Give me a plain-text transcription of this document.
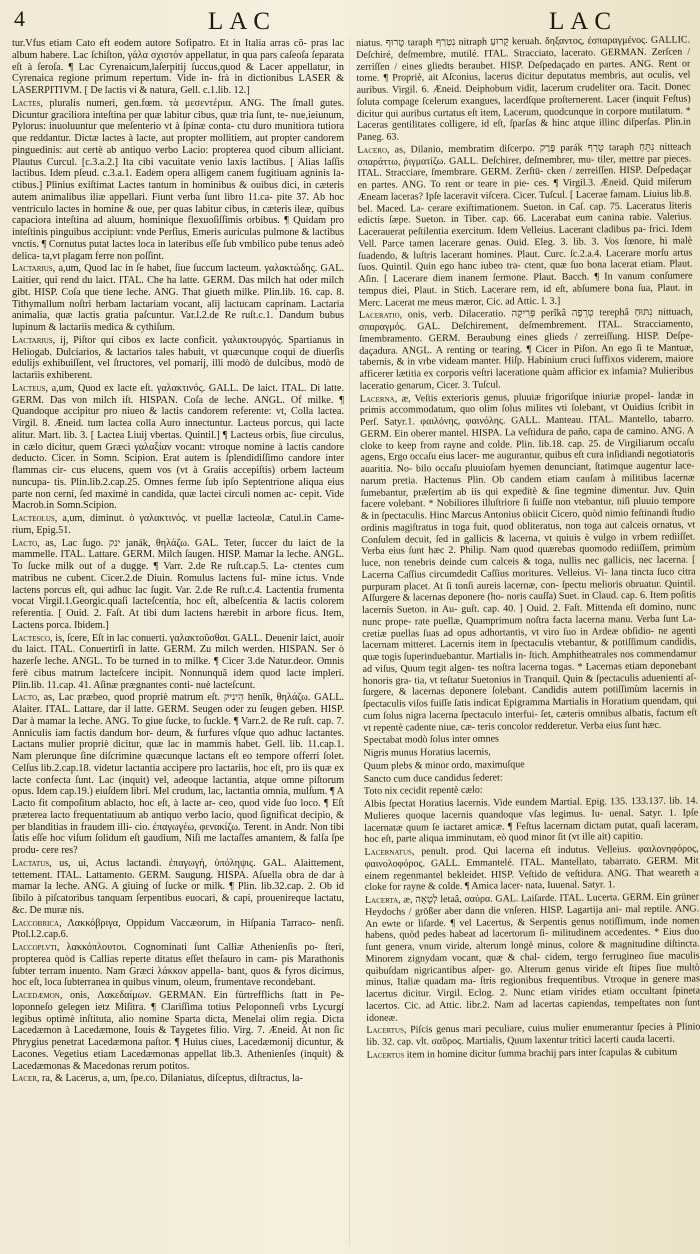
4	LAC	LAC

tur.Vfus etiam Cato eft eodem autore Sofipatro. Et in Italia arras cõ- pras lac album habere. Lac ſchiſton, γάλα σχιστόν appellatur, in qua pars caſeoſa ſeparata eſt à ſeroſa. ¶ Lac Cyrenaicum,laſerpitij ſuccus,quod & Lacer appellatur, in Cyrenaica regione primum repertum. Vide in- frà in dictionibus LASER & LASERPITIVM. [ De lactis vi & natura, Gell. c.1.lib. 12.]

Lactes, pluralis numeri, gen.fœm. τὰ μεσεντέρια. ANG. The ſmall gutes. Dicuntur graciliora inteſtina per quæ labitur cibus, quæ tria ſunt, te- nue,ieiunum, Pylorus: inuoluuntur que meſenterio vt à ſpinæ conta- ctu duro munitiora tutiora que reddantur. Dictæ lactes à lacte, aut propter mollitiem, aut propter candorem pinguedinis: aut certè ab antiquo verbo Lacio: propterea quod cibum alliciant. Plautus Curcul. [c.3.a.2.] Ita cibi vacuitate venio laxis lactibus. [ Alias laſſis lactibus. Idem pſeud. c.3.a.1. Eadem opera alligem canem fugitiuam agninis la- ctibus.] Plinius exiſtimat Lactes tantum in hominibus & ouibus dici, in cæteris autem animalibus iliæ appellari. Fiunt verba ſunt libro 11.ca- pite 37. Ab hoc ventriculo lactes in homine & oue, per quas labitur cibus, in cæteris ileæ, quibus capaciora inteſtina ad aluum, hominique flexuoſiſſimis orbibus. ¶ Quidam pro inteſtinis pinguibus accipiunt: vnde Perſius, Emeris auriculas pulmone & lactibus vnctis. ¶ Cornutus putat lactes loca in lateribus eſſe ſub vmbilico pube tenus adeò delica- ta,vt plagam ferre non poſſint.

Lactarius, a,um, Quod lac in ſe habet, ſiue ſuccum lacteum. γαλακτώδης. GAL. Laitier, qui rend du laict. ITAL. Che ha latte. GERM. Das milch hat oder milch gibt. HISP. Coſa que tiene leche. ANG. That giueth milke. Plin.lib. 16. cap. 8. Tithymallum noſtri herbam lactariam vocant, alij lactucam caprinam. Lactaria animalia, quæ lactis gratia paſcuntur. Var.l.2.de Re ruſt.c.1. Dandum bubus lupinum & lactariis medica & cythiſum.

Lactarius, ij, Piſtor qui cibos ex lacte conficit. γαλακτουργός. Spartianus in Heliogab. Dulciarios, & lactarios tales habuit, vt quæcunque coqui de diuerſis edulijs exhibuiſſent, vel ſtructores, vel pomarij, illi modò de dulcibus, modò de lactariis exhiberent.

Lacteus, a,um, Quod ex lacte eſt. γαλακτινός. GALL. De laict. ITAL. Di latte. GERM. Das von milch iſt. HISPAN. Coſa de leche. ANGL. Of milke. ¶ Quandoque accipitur pro niueo & lactis candorem referente: vt, Colla lactea. Virgil. 8. Æneid. tum lactea colla Auro innectuntur. Lacteus porcus, qui lacte alitur. Mart. lib. 3. [ Lactea Liuij vbertas. Quintil.] ¶ Lacteus orbis, ſiue circulus, in cælo dicitur, quem Græci γαλαξίαν vocant: vtroque nomine à lactis candore deducto. Cicer. in Somn. Scipion. Erat autem is ſplendidiſſimo candore inter flammas cir- cus elucens, quem vos (vt à Graiis accepiſtis) orbem lacteum nuncupa- tis. Plin.lib.2.cap.25. Omnes ferme ſub ipſo Septentrione aliqua eius parte non cerni, ſed maximè in candida, quæ lactei circuli nomen ac- cepit. Vide Macrob.in Somn.Scipion.

Lacteolus, a,um, diminut. ὁ γαλακτινός. vt puellæ lacteolæ, Catul.in Came- rium, Epig.51.

Lacto, as, Lac ſugo. ינק janák, θηλάζω. GAL. Teter, ſuccer du laict de la mammelle. ITAL. Lattare. GERM. Milch ſaugen. HISP. Mamar la leche. ANGL. To ſucke milk out of a dugge. ¶ Varr. 2.de Re ruſt.cap.5. La- ctentes cum matribus ne cubent. Cicer.2.de Diuin. Romulus lactens ful- mine ictus. Vnde lactens porcus eſt, qui adhuc lac ſugit. Var. 2.de Re ruſt.c.4. Lactentia frumenta vocat Virgil.1.Georgic.quaſi lacteſcentia, hoc eſt, albeſcentia & lactis colorem referentia. [ Ouid. 2. Faſt. At tibi dum lactens hærebit in arbore ficus. Item, Lactens porca. Ibidem.]

Lacteſco, is, ſcere, Eſt in lac conuerti. γαλακτοῦσθαι. GALL. Deuenir laict, auoir du laict. ITAL. Conuertirſi in latte. GERM. Zu milch werden. HISPAN. Ser ò hazerſe leche. ANGL. To be turned in to milke. ¶ Cicer 3.de Natur.deor. Omnis ferè cibus matrum lacteſcere incipit. Nonnunquã idem quod lacte impleri. Plin.lib. 11.cap. 41. Aſinæ prægnantes conti- nuè lacteſcunt.

Lacto, as, Lac præbeo, quod propriè matrum eſt. הֵינִיק henîk, θηλάζω. GALL. Alaiter. ITAL. Lattare, dar il latte. GERM. Seugen oder zu ſeugen geben. HISP. Dar à mamar la leche. ANG. To giue ſucke, to ſuckle. ¶ Varr.2. de Re ruſt. cap. 7. Anniculis iam factis dandum hor- deum, & furfures vſque quo adhuc lactantes. Lactans mulier propriè dicitur, quæ lac in mammis habet. Gell. lib. 11.cap.1. Nam plerunque ſine diſcrimine quæcunque lactans eſt eo tempore offerri ſolet. Celſus lib.2.cap.18. videtur lactantia accipere pro lactariis, hoc eſt, pro iis quæ ex lacte confecta ſunt. Lac (inquit) vel, adeoque lactantia, atque omne piſtorum opus. Idem cap.19.) eiuſdem libri. Mel crudum, lac, lactantia omnia, mulſum. ¶ A Lacto fit compoſitum ablacto, hoc eſt, à lacte ar- ceo, quod vide ſuo loco. ¶ Eſt præterea lacto frequentatiuum ab antiquo verbo lacio, quod ſignificat decipio, & per blanditias in fraudem illi- cio. ἐπαγωγέω, φενακίζω. Terent. in Andr. Non tibi ſatis eſſe hoc viſum ſolidum eſt gaudium, Niſi me lactaſſes amantem, & falſa ſpe produ- cere res?

Lactatus, us, ui, Actus lactandi. ἐπαγωγή, ὑπόληψις. GAL. Alaittement, tettement. ITAL. Lattamento. GERM. Saugung. HISPA. Aſuella obra de dar à mamar la leche. ANG. A giuing of ſucke or milk. ¶ Plin. lib.32.cap. 2. Ob id ſibilo à piſcatoribus tanquam ſerpentibus euocari, & capi, prouenireque lactatu, &c. De muræ nis.

Laccobrica, Λακκόβριγα, Oppidum Vaccæorum, in Hiſpania Tarraco- nenſi. Ptol.l.2.cap.6.

Laccoplvti, λακκόπλουτοι. Cognominati ſunt Calliæ Athenienſis po- ſteri, propterea quòd is Callias reperte ditatus eſſet theſauro in cam- pis Marathonis ſubter terram inuento. Nam Græci λάκκον appella- bant, quos & fyros dicimus, hoc eſt, loca ſubterranea in quibus vinum, oleum, frumentave recondebant.

Lacedæmon, onis, Λακεδαίμων. GERMAN. Ein fürtrefflichs ſtatt in Pe- loponneſo gelegen ietz Miſitra. ¶ Clariſſima totius Peloponneſi vrbs Lycurgi legibus optimè inſtituta, alio nomine Sparta dicta, Menelai olim regia. Dicta Lacedæmon à Lacedæmone, Iouis & Taygetes filio. Virg. 7. Æneid. At non ſic Phrygius penetrat Lacedæmona paſtor. ¶ Huius ciues, Lacedæmonij dicuntur, & Lacones. Vegetius etiam Lacedæmonas appellat lib.3. Athenienſes (inquit) & Lacedæmonas & Macedonas rerum potitos.

Lacer, ra, & Lacerus, a, um, ſpe.co. Dilaniatus, diſceptus, diſtractus, la-

niatus. טָרוּף taraph נִטְרַף nitraph קָרוּעַ keruah. δηξαντος, ἐσπαραγμένος. GALLIC. Deſchiré, deſmembre, mutilé. ITAL. Stracciato, lacerato. GERMAN. Zerſcen / zerriſſen / eines gliedts beraubet. HISP. Deſpedaçado en partes. ANG. Rent or torne. ¶ Propriè, ait Aſconius, lacerus dicitur deputatus membris, aut oculis, vel auribus. Virgil. 6. Æneid. Deiphobum vidit, lacerum crudeliter ora. Tacit. Donec ſoluta compage ſcelerum exangues, lacerdſque proſternerent. Lacer (inquit Feſtus) dicitur qui auribus curtatus eſt item, Lacerum, quodcunque in corpore mutilatum. * Laceras gentilitates colligere, id eſt, ſparſas & hinc atque illinc diſperſas. Plin.in Paneg. 63.

Lacero, as, Dilanio, membratim diſcerpo. פָּרַק parák טָרַף taraph נִתֵּחַ nitteach σπαράττω, ῥιγματίζω. GALL. Deſchirer, deſmembrer, mu- tiler, mettre par pieces. ITAL. Stracciare, ſmembrare. GERM. Zerſtü- cken / zerreiſſen. HISP. Deſpedaçar en partes. ANG. To rent or teare in pie- ces. ¶ Virgil.3. Æneid. Quid miſerum Æneam laceras? Ipſe laceravit viſcera. Cicer. Tuſcul. [ Lacerae famam. Liuius lib.8. bel. Maced. La- cerare exiſtimationem. Sueton. in Caſ. cap. 75. Laceratus literis edictis ſæpe. Sueton. in Tiber. cap. 66. Lacerabat eum canina rabie. Valerius. Lacerauerat peſtilentia exercitum. Idem Velleius. Lacerant cladibus pa- frici. Idem Vell. Parce tamen lacerare genas. Ouid. Eleg. 3. lib. 3. Vos ſœnore, hi malè ſuadendo, & luſtris lacerant homines. Plaut. Curc. ſc.2.a.4. Lacerare morſu artus ſuos. Quintil. Quin ego hanc iubeo tra- ctent, quæ ſuo bona lacerat etiam. Plaut. Aſin. [ Lacerare diem inanem ſermone. Plaut. Bacch. ¶ In vanum conſumere tempus diei, Plaut. in Stich. Lacerare rem, id eſt, abſumere bona ſua, Plaut. in Merc. Lacerat me meus mæror, Cic. ad Attic. l. 3.]

Laceratio, onis, verb. Dilaceratio. פְּרִיקָה perîkâ טְרֵפָה terephâ נִתּוּחַ nittuach, σπαραγμός. GAL. Deſchirement, deſmembrement. ITAL. Stracciamento, ſmembramento. GERM. Beraubung eines glieds / zerreiſſung. HISP. Deſpe- daçadura. ANGL. A renting or tearing. ¶ Cicer in Piſon. An ego ſi te Mantuæ, tabernis, & in vrbe videam manter. Hiſp. Habinium cruci ſuffixos viderem, maiore afficerer lætitia ex corporis veſtri laceratione quàm afficior ex infamia? Mulieribus laceratio genarum, Cicer. 3. Tuſcul.

Lacerna, æ, Veſtis exterioris genus, pluuiæ frigoriſque iniuriæ propel- landæ in primis accommodatum, quo olim ſolus milites vti ſolebant, vt Ouidius ſcribit in Perſ. Satyr.1. φαιλόνης, φαινόλης. GALL. Manteau. ITAL. Mantello, tabarro. GERM. Ein oberer mantel. HISPA. La veſtidura de paño, capa de camino. ANG. A cloke to keep from rayne and colde. Plin. lib.18. cap. 25. de Virgiliarum occaſu agens, Ergo occaſu eius lacer- me augurantur, quibus eſt cura inſidiandi negotiatoris auaritia. No- bilo occaſu pluuioſam hyemen denunciant, ſtatimque augentur lace- narum pretia. Hactenus Plin. Ob candem etiam cauſam à militibus lacernæ ſumebantur, præſertim ab iis qui expeditè & ſine tegmine dimentur. Juv. Quin facere volebant. * Nobiliores illuſtriore ſi ſuiſſe non vtebantur, niſi pluuio tempore & in ſpectaculis. Hinc Marcus Antonius obiicit Cicero, quòd nimio feſtinandi ſtudio ordinis magiſtratus in toga fuit, quod obliteratus, non toga aut calceis ornatus, vt Conſulem decuit, ſed in gallicis & lacerna, vt quiuis è vulgo in vrbem rediiſſet. Verba eius ſunt hæc 2. Philip. Nam quod quærebas quomodo rediiſſem, primùm luce, non tenebris deinde cum calceis & toga, nullis nec gallicis, nec lacerna. [ Lacerna Caſſius circumdedit Caſſius moritures. Velleius. Vi- lana tincta ſuco citra purpuram placet. At ſi tonſi aureis lacernæ, con- ſpectu melioris obruatur. Quintil. Aſſurgere & lacernas deponere (ho- noris cauſſa) Suet. in Claud. cap. 6. Item poſitis lacernis Sueton. in Au- guſt. cap. 40. ] Ouid. 2. Faſt. Mittenda eſt domino, nunc nunc prope- rate puellæ, Quamprimum noſtra facta lacerna manu. Verba ſunt La- cretiæ puellas ſuas ad opus adhortantis, vt viro ſuo in Ardeæ obſidio- ne agenti lacernam mitteret. Lacernis item in ſpectaculis vtebantur, & potiſſimum candidis, quæ togis ſuperinduebantur. Martialis in- ſtich. Amphitheatrales nos commendamur ad viſus, Quum tegit algen- tes noſtra lacerna togas. * Lacernas etiam deponebant honoris gra- tia, vt teſtatur Suetonius in Tranquil. Quin & ſpectaculis aduenienti aſ- ſurgere, & lacernas deponere ſolebant. Candidis autem potiſſimùm lacernis in ſpectaculis viſos fuiſſe ſatis indicat Epigramma Martialis in Horatium quendam, qui cum ſolus nigra lacerna ſpectaculo interfui- ſet, cæteris omnibus albatis, factum eſt vt repentè cadente niue, cæ- teris concolor redderetur. Verba eius ſunt hæc.

Spectabat modò ſolus inter omnes

Nigris munus Horatius lacernis,

Quum plebs & minor ordo, maximuſque

Sancto cum duce candidus ſederet:

Toto nix cecidit repentè cælo:

Albis ſpectat Horatius lacernis. Vide eundem Martial. Epig. 135. 133.137. lib. 14. Mulieres quoque lacernis quandoque vſas legimus. Iu- uenal. Satyr. 1. Ipſe lacernatæ quum ſe iactaret amicæ. ¶ Feſtus lacernam dictam putat, quaſi laceram, hoc eſt, parte aliqua imminutam, eò quod minor ſit (vt ille ait) capitio.

Lacernatus, penult. prod. Qui lacerna eſt indutus. Velleius. φαιλονηφόρος, φαινολοφόρος. GALL. Emmantelé. ITAL. Mantellato, tabarrato. GERM. Mit einem regenmantel bekleidet. HISP. Veſtido de veſtidura. ANG. That weareth a cloke for rayne & colde. ¶ Amica lacer- nata, Iuuenal. Satyr. 1.

Lacerta, æ, לְטָאָה letaâ, σαύρα. GAL. Laiſarde. ITAL. Lucerta. GERM. Ein grüner Heydochs / größer aber dann die vnſeren. HISP. Lagartija ani- mal reptile. ANG. An ewte or liſarde. ¶ vel Lacertus, & Serpentis genus notiſſimum, inde nomen habens, quòd pedes habeat ad lacertorum ſi- militudinem accedentes. * Eius duo ſunt genera, vnum viride, alterum longè minus, colore & magnitudine diſtincta. Minorem zignydam vocant, quæ & chal- cidem, tergo ferrugineo ſiue maculis quibuſdam nigricantibus aſper- go. Alterum genus viride eſt ſtipes ſiue multò minus, Italiæ quadam ma- ſtris regionibus frequentibus. Vtroque in genere mas lacertus dicitur. Virgil. Eclog. 2. Nunc etiam virides etiam occultant ſpineta lacertos. Cic. ad Attic. libr.2. Nam ad lacertas capiendas, tempeſtates non ſunt idoneæ.

Lacertus, Piſcis genus mari peculiare, cuius mulier enumerantur ſpecies à Plinio lib. 32. cap. vlt. σαῦρος. Martialis, Quum laxentur tritici lacerti cauda lacerti.

Lacertus item in homine dicitur ſumma brachij pars inter ſcapulas & cubitum
